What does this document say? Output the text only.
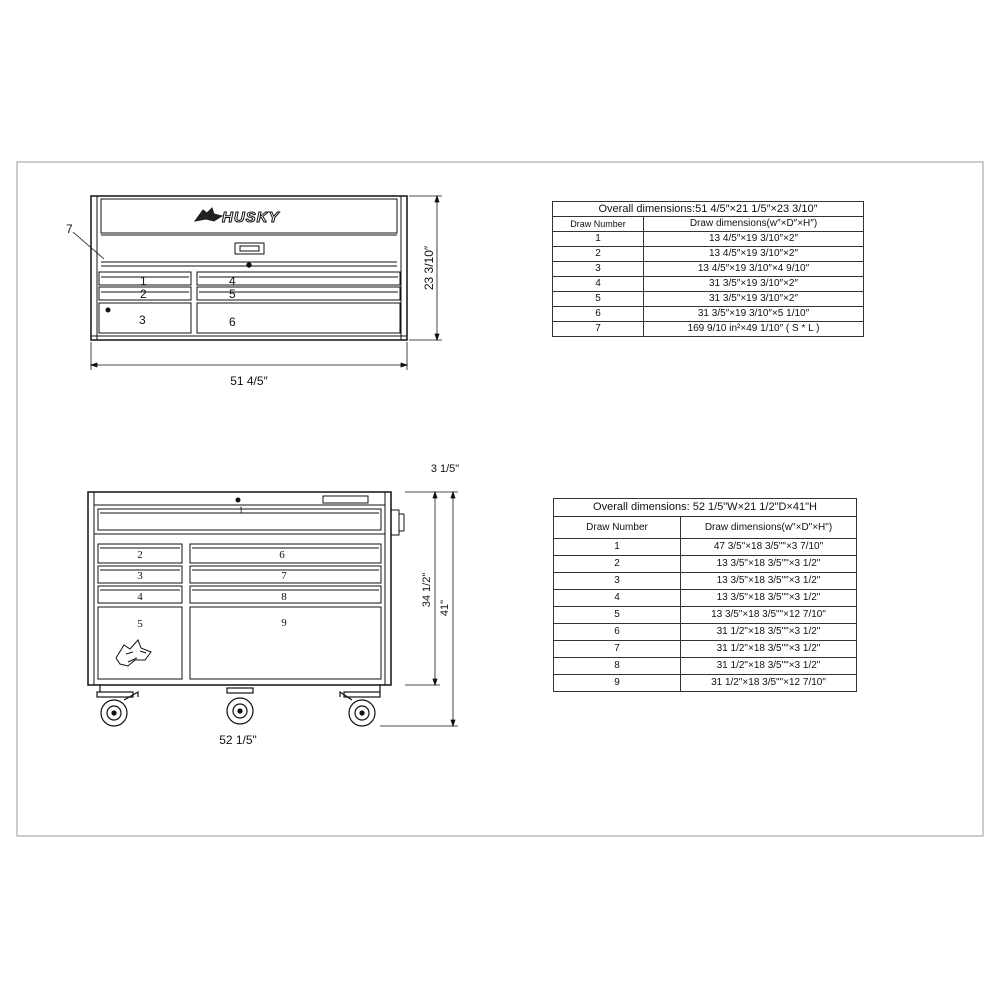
HUSKY
7
1
2
3
4
5
6
51 4/5″
23 3/10″
1
2
3
4
5
6
7
8
9
3 1/5"
34 1/2"
41"
52 1/5"
Overall dimensions:51 4/5″×21 1/5″×23 3/10″	
Draw Number	Draw dimensions(w″×D″×H″)
1	13 4/5″×19 3/10″×2″
2	13 4/5″×19 3/10″×2″
3	13 4/5″×19 3/10″×4 9/10″
4	31 3/5″×19 3/10″×2″
5	31 3/5″×19 3/10″×2″
6	31 3/5″×19 3/10″×5 1/10″
7	169 9/10 in²×49 1/10″ ( S * L )
Overall dimensions: 52 1/5"W×21 1/2"D×41"H	
Draw Number	Draw dimensions(w"×D"×H")
1	47 3/5"×18 3/5""×3 7/10"
2	13 3/5"×18 3/5""×3 1/2"
3	13 3/5"×18 3/5""×3 1/2"
4	13 3/5"×18 3/5""×3 1/2"
5	13 3/5"×18 3/5""×12 7/10"
6	31 1/2"×18 3/5""×3 1/2"
7	31 1/2"×18 3/5""×3 1/2"
8	31 1/2"×18 3/5""×3 1/2"
9	31 1/2"×18 3/5""×12 7/10"
